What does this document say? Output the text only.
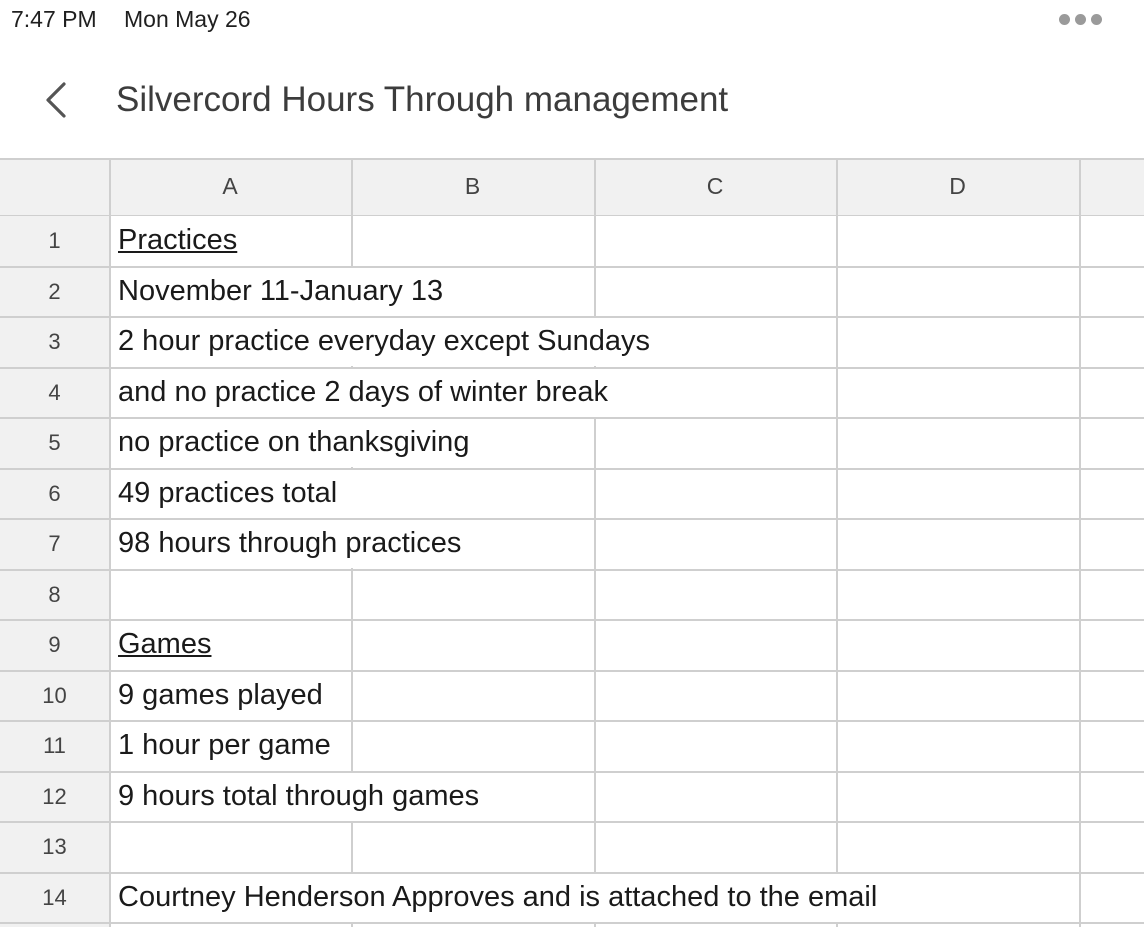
7:47 PM Mon May 26
Silvercord Hours Through management
A	B	C	D
1	Practices
2	November 11-January 13
3	2 hour practice everyday except Sundays
4	and no practice 2 days of winter break
5	no practice on thanksgiving
6	49 practices total
7	98 hours through practices
8
9	Games
10	9 games played
11	1 hour per game
12	9 hours total through games
13
14	Courtney Henderson Approves and is attached to the email
